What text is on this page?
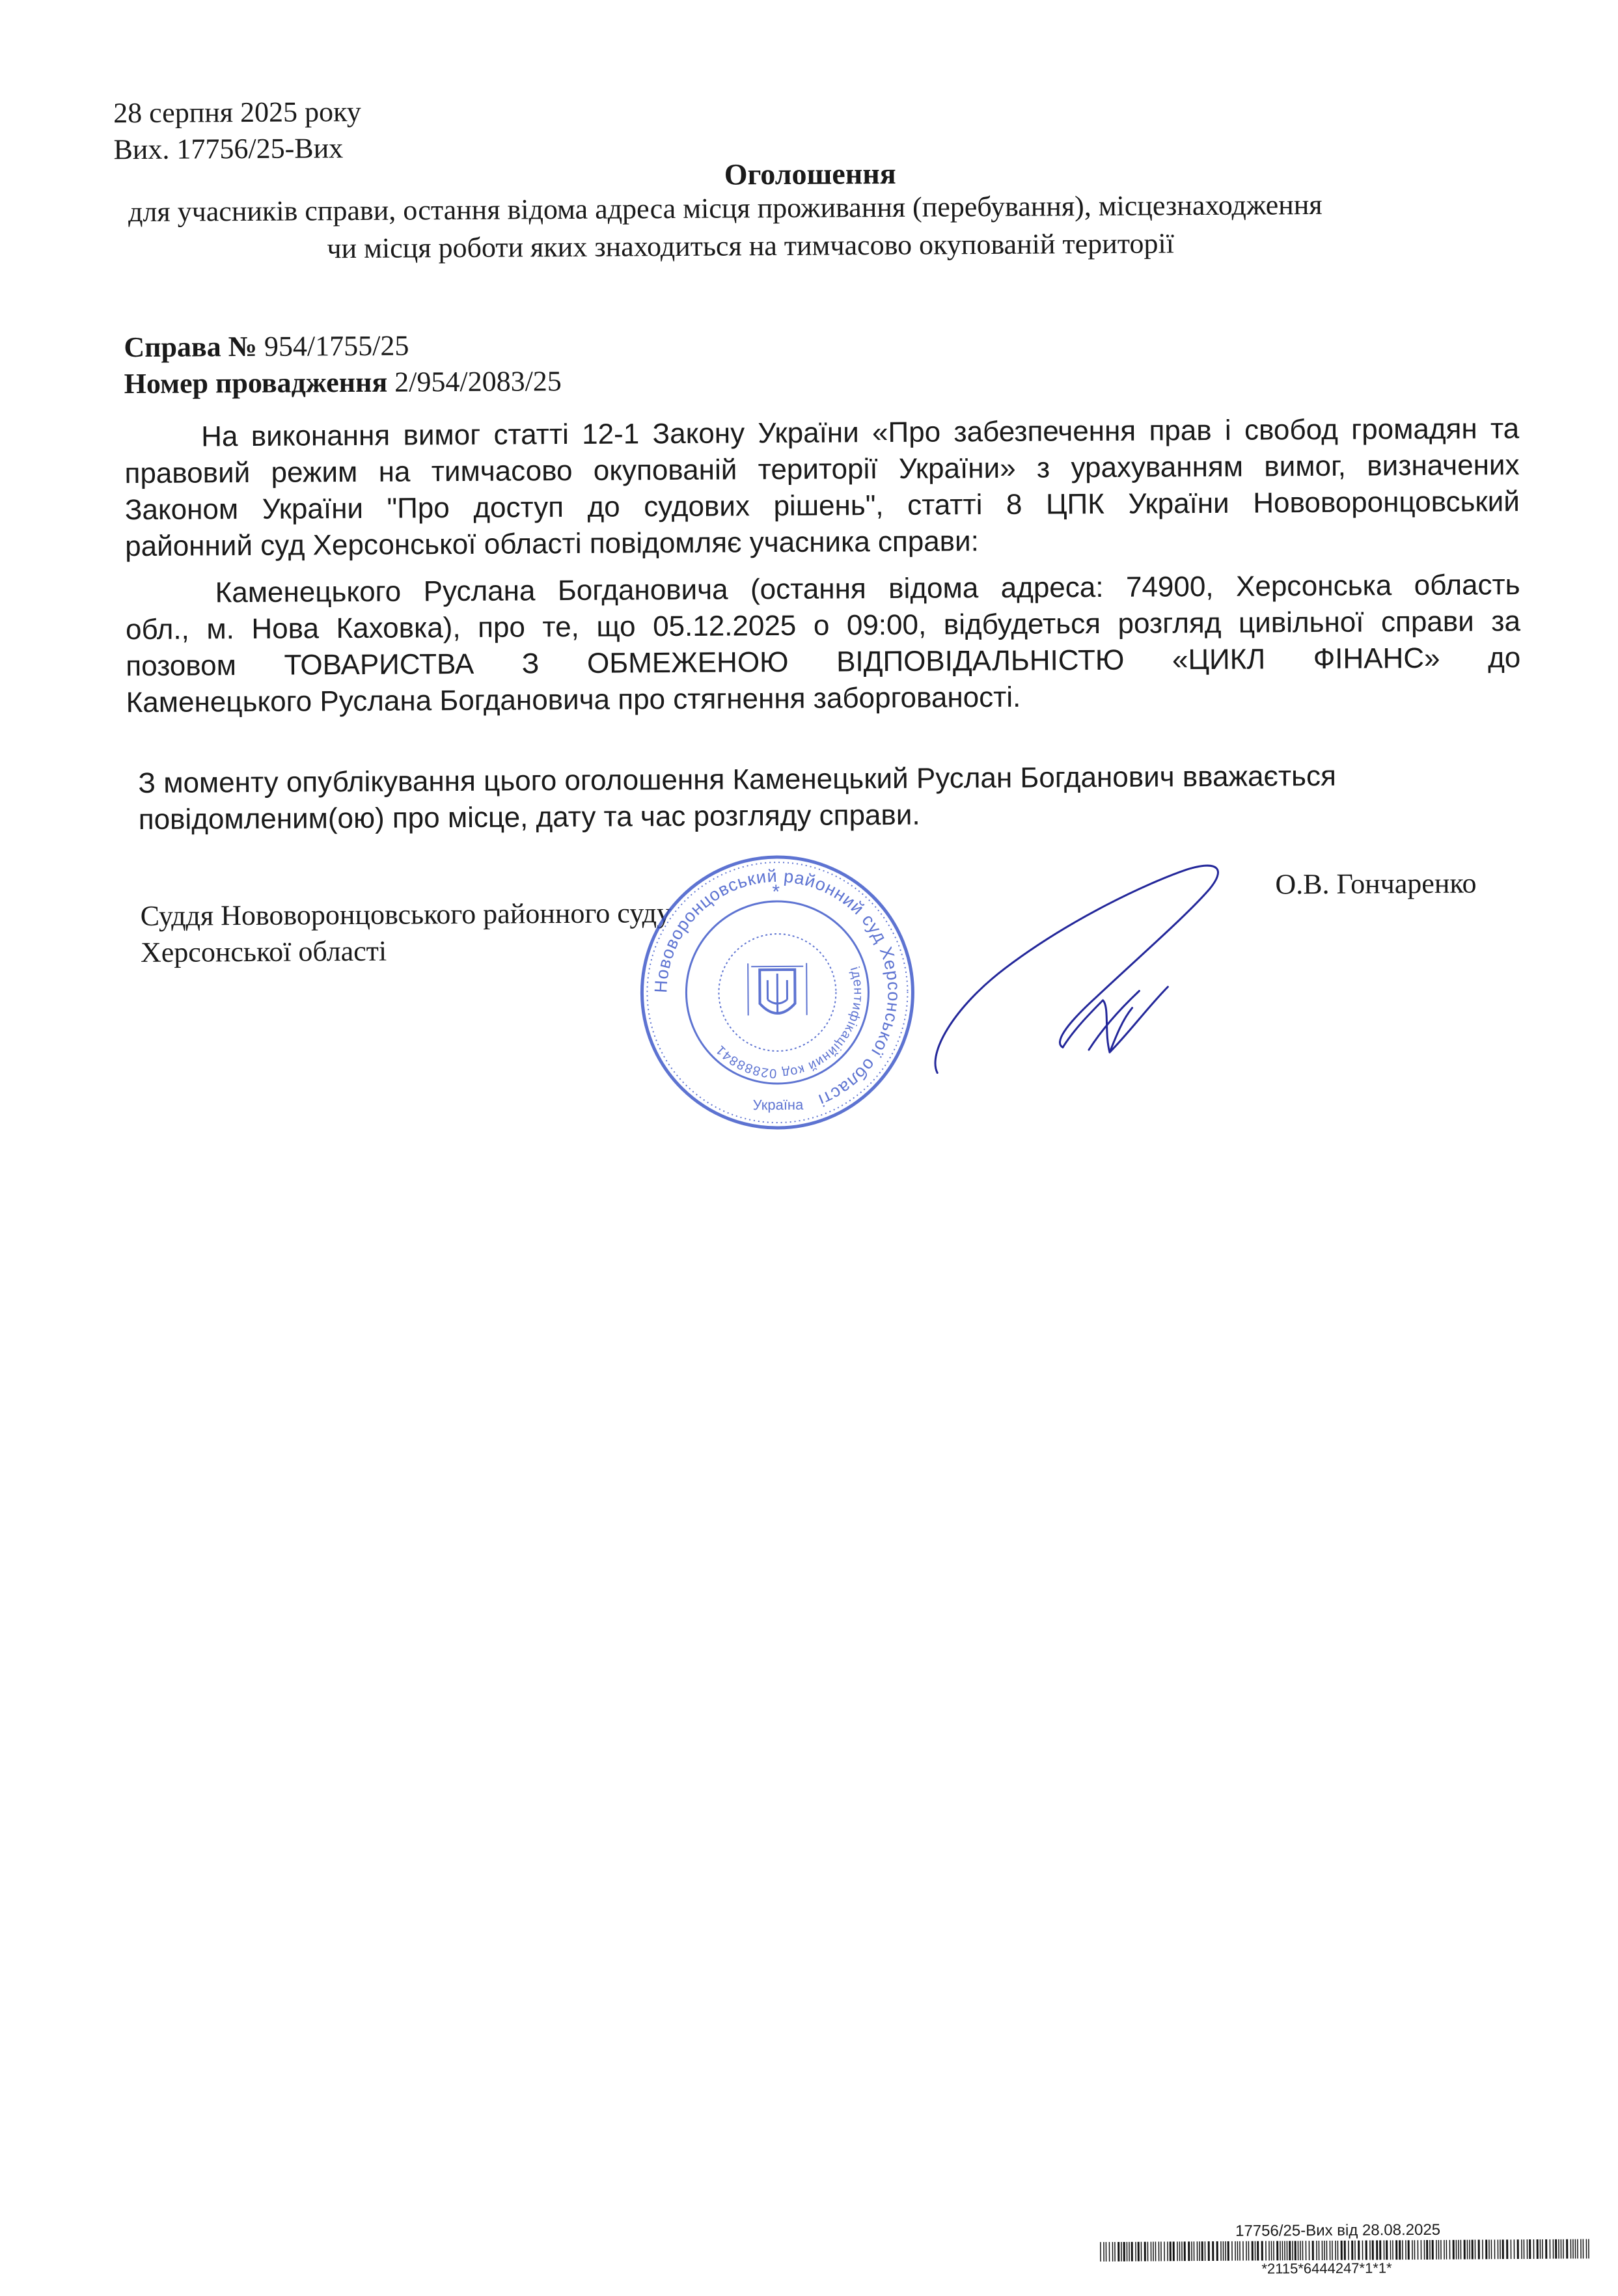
28 серпня 2025 року
Вих. 17756/25-Вих
Оголошення
для учасників справи, остання відома адреса місця проживання (перебування), місцезнаходження
чи місця роботи яких знаходиться на тимчасово окупованій території
Справа № 954/1755/25
Номер провадження 2/954/2083/25
На виконання вимог статті 12-1 Закону України «Про забезпечення прав і свобод громадян та
правовий режим на тимчасово окупованій території України» з урахуванням вимог, визначених
Законом України "Про доступ до судових рішень", статті 8 ЦПК України Нововоронцовський
районний суд Херсонської області повідомляє учасника справи:
Каменецького Руслана Богдановича (остання відома адреса: 74900, Херсонська область
обл., м. Нова Каховка), про те, що 05.12.2025 о 09:00, відбудеться розгляд цивільної справи за
позовом ТОВАРИСТВА З ОБМЕЖЕНОЮ ВІДПОВІДАЛЬНІСТЮ «ЦИКЛ ФІНАНС» до
Каменецького Руслана Богдановича про стягнення заборгованості.
З моменту опублікування цього оголошення Каменецький Руслан Богданович вважається
повідомленим(ою) про місце, дату та час розгляду справи.
Суддя Нововоронцовського районного суду
Херсонської області
О.В. Гончаренко
Нововоронцовський районний суд Херсонської області
ідентифікаційний код 02888841
Україна
*
17756/25-Вих від 28.08.2025
*2115*6444247*1*1*
